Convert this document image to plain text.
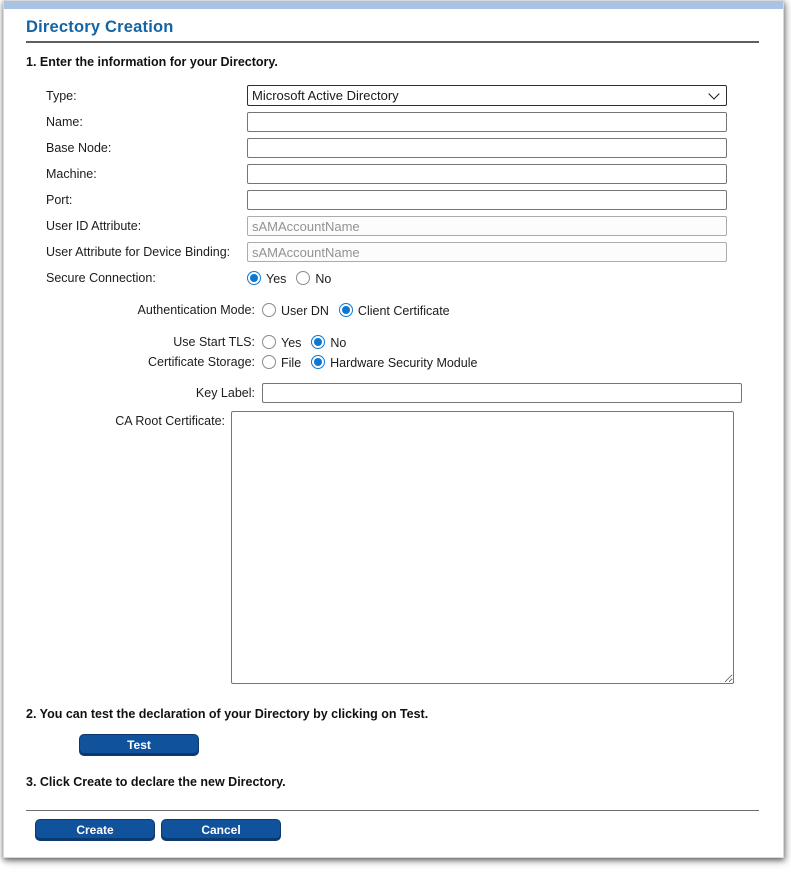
Directory Creation
1. Enter the information for your Directory.
Type:
Microsoft Active Directory
Name:
Base Node:
Machine:
Port:
User ID Attribute:
sAMAccountName
User Attribute for Device Binding:
sAMAccountName
Secure Connection:	Yes No
Authentication Mode:	User DN Client Certificate
Use Start TLS:	Yes No
Certificate Storage:	File Hardware Security Module
Key Label:
CA Root Certificate:
2. You can test the declaration of your Directory by clicking on Test.
Test
3. Click Create to declare the new Directory.
Create	Cancel
